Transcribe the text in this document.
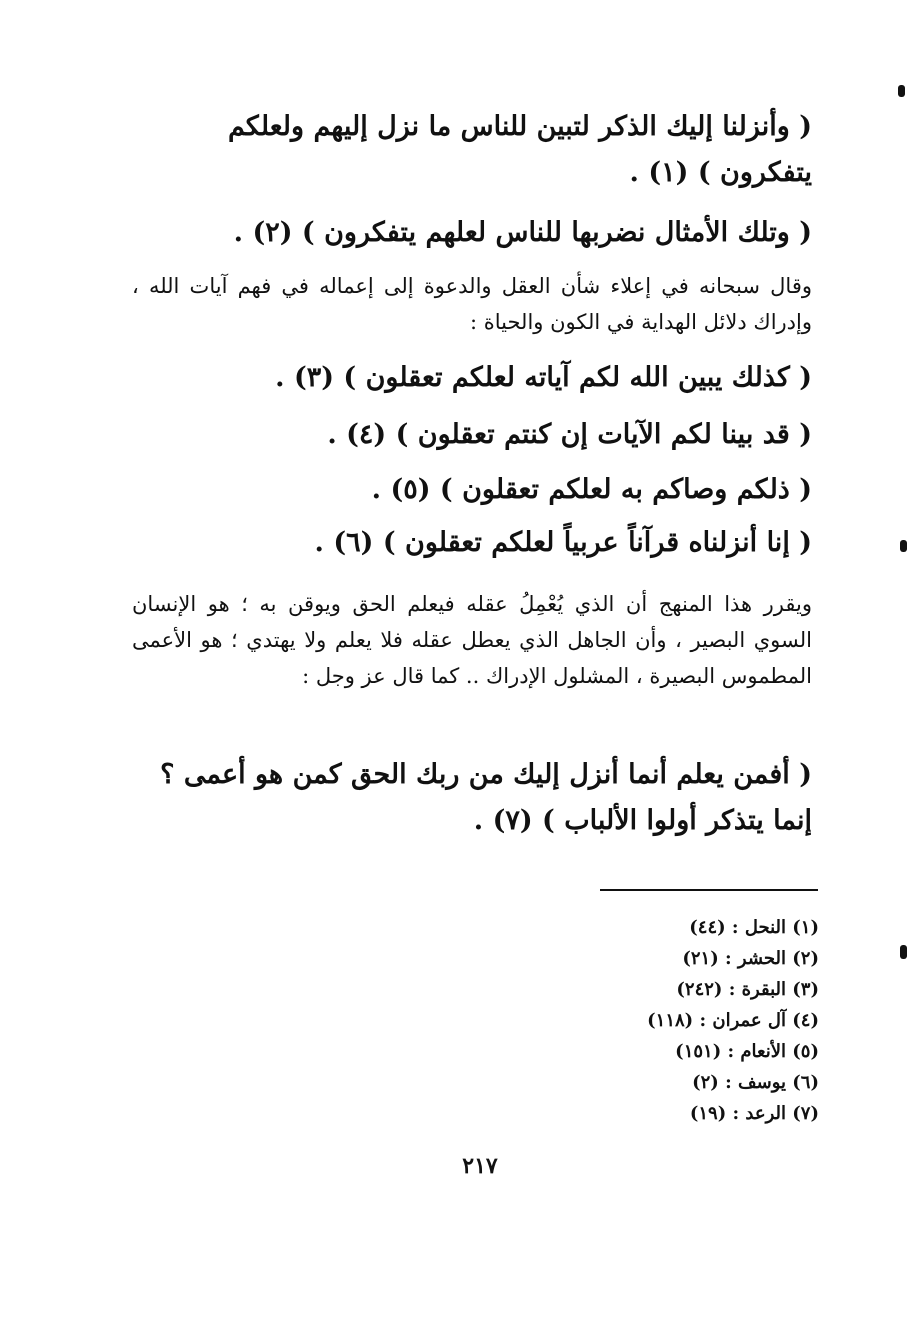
( وأنزلنا إليك الذكر لتبين للناس ما نزل إليهم ولعلكم يتفكرون ) (١) .
( وتلك الأمثال نضربها للناس لعلهم يتفكرون ) (٢) .
وقال سبحانه في إعلاء شأن العقل والدعوة إلى إعماله في فهم آيات الله ، وإدراك دلائل الهداية في الكون والحياة :
( كذلك يبين الله لكم آياته لعلكم تعقلون ) (٣) .
( قد بينا لكم الآيات إن كنتم تعقلون ) (٤) .
( ذلكم وصاكم به لعلكم تعقلون ) (٥) .
( إنا أنزلناه قرآناً عربياً لعلكم تعقلون ) (٦) .
ويقرر هذا المنهج أن الذي يُعْمِلُ عقله فيعلم الحق ويوقن به ؛ هو الإنسان السوي البصير ، وأن الجاهل الذي يعطل عقله فلا يعلم ولا يهتدي ؛ هو الأعمى المطموس البصيرة ، المشلول الإدراك .. كما قال عز وجل :
( أفمن يعلم أنما أنزل إليك من ربك الحق كمن هو أعمى ؟ إنما يتذكر أولوا الألباب ) (٧) .
(١) النحل : (٤٤)
(٢) الحشر : (٢١)
(٣) البقرة : (٢٤٢)
(٤) آل عمران : (١١٨)
(٥) الأنعام : (١٥١)
(٦) يوسف : (٢)
(٧) الرعد : (١٩)
٢١٧
